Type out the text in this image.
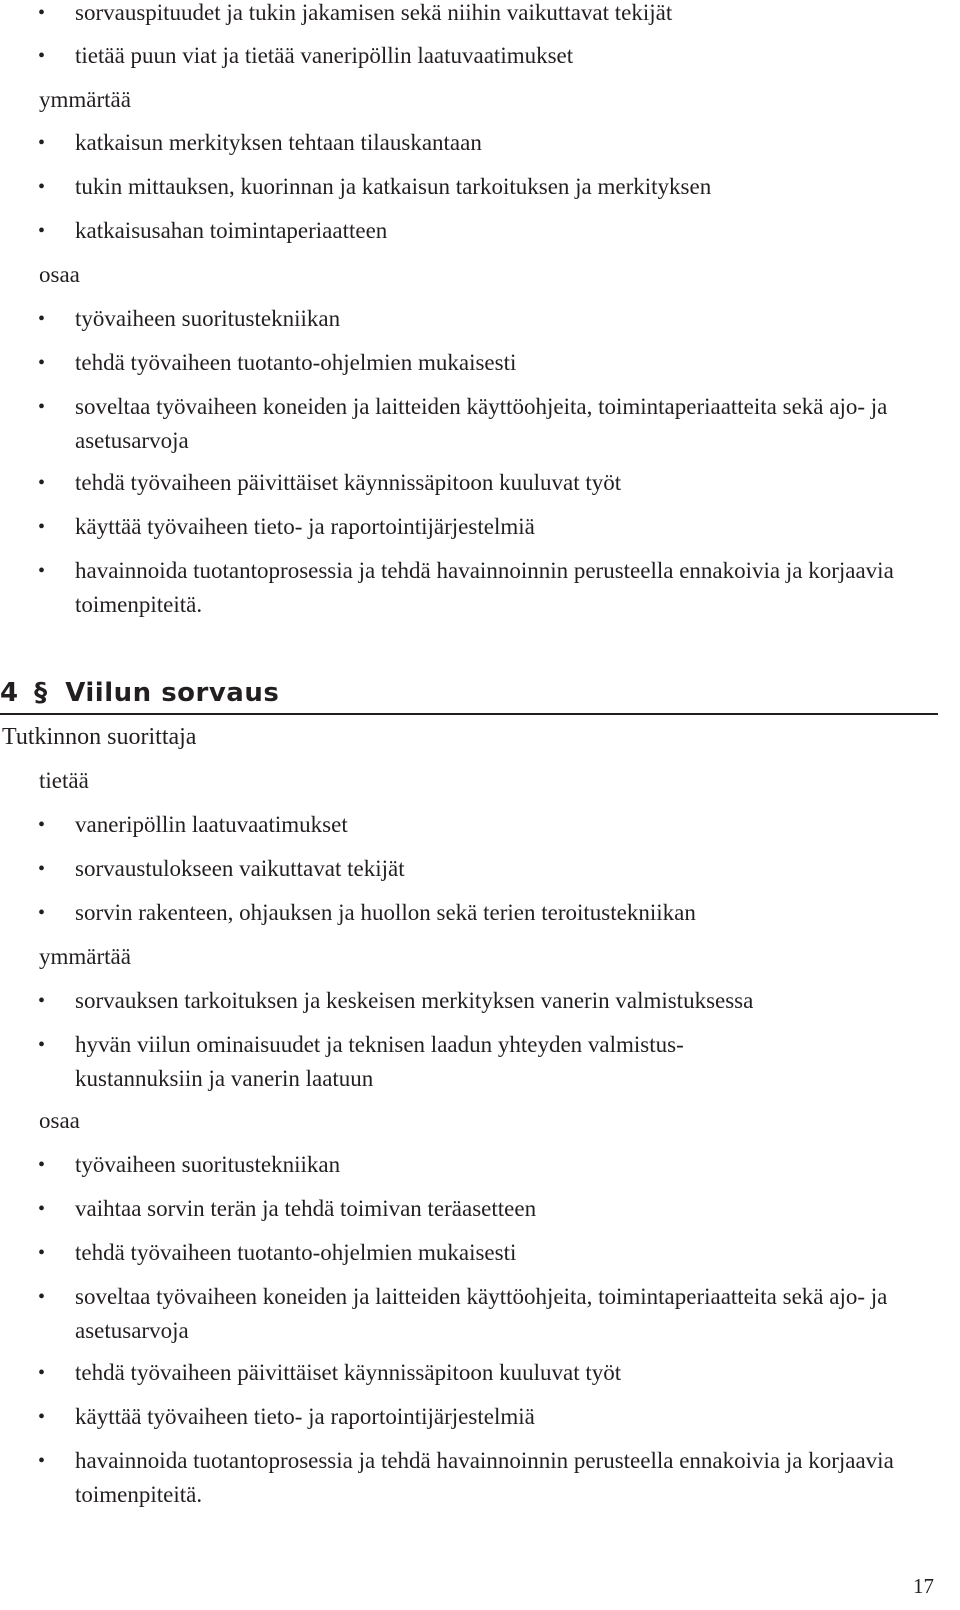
•	sorvauspituudet ja tukin jakamisen sekä niihin vaikuttavat tekijät
•	tietää puun viat ja tietää vaneripöllin laatuvaatimukset
ymmärtää
•	katkaisun merkityksen tehtaan tilauskantaan
•	tukin mittauksen, kuorinnan ja katkaisun tarkoituksen ja merkityksen
•	katkaisusahan toimintaperiaatteen
osaa
•	työvaiheen suoritustekniikan
•	tehdä työvaiheen tuotanto-ohjelmien mukaisesti
•	soveltaa työvaiheen koneiden ja laitteiden käyttöohjeita, toimintaperiaatteita sekä ajo- ja asetusarvoja
•	tehdä työvaiheen päivittäiset käynnissäpitoon kuuluvat työt
•	käyttää työvaiheen tieto- ja raportointijärjestelmiä
•	havainnoida tuotantoprosessia ja tehdä havainnoinnin perusteella ennakoivia ja korjaavia toimenpiteitä.
4 § Viilun sorvaus
Tutkinnon suorittaja
tietää
•	vaneripöllin laatuvaatimukset
•	sorvaustulokseen vaikuttavat tekijät
•	sorvin rakenteen, ohjauksen ja huollon sekä terien teroitustekniikan
ymmärtää
•	sorvauksen tarkoituksen ja keskeisen merkityksen vanerin valmistuksessa
•	hyvän viilun ominaisuudet ja teknisen laadun yhteyden valmistus-kustannuksiin ja vanerin laatuun
osaa
•	työvaiheen suoritustekniikan
•	vaihtaa sorvin terän ja tehdä toimivan teräasetteen
•	tehdä työvaiheen tuotanto-ohjelmien mukaisesti
•	soveltaa työvaiheen koneiden ja laitteiden käyttöohjeita, toimintaperiaatteita sekä ajo- ja asetusarvoja
•	tehdä työvaiheen päivittäiset käynnissäpitoon kuuluvat työt
•	käyttää työvaiheen tieto- ja raportointijärjestelmiä
•	havainnoida tuotantoprosessia ja tehdä havainnoinnin perusteella ennakoivia ja korjaavia toimenpiteitä.
17
